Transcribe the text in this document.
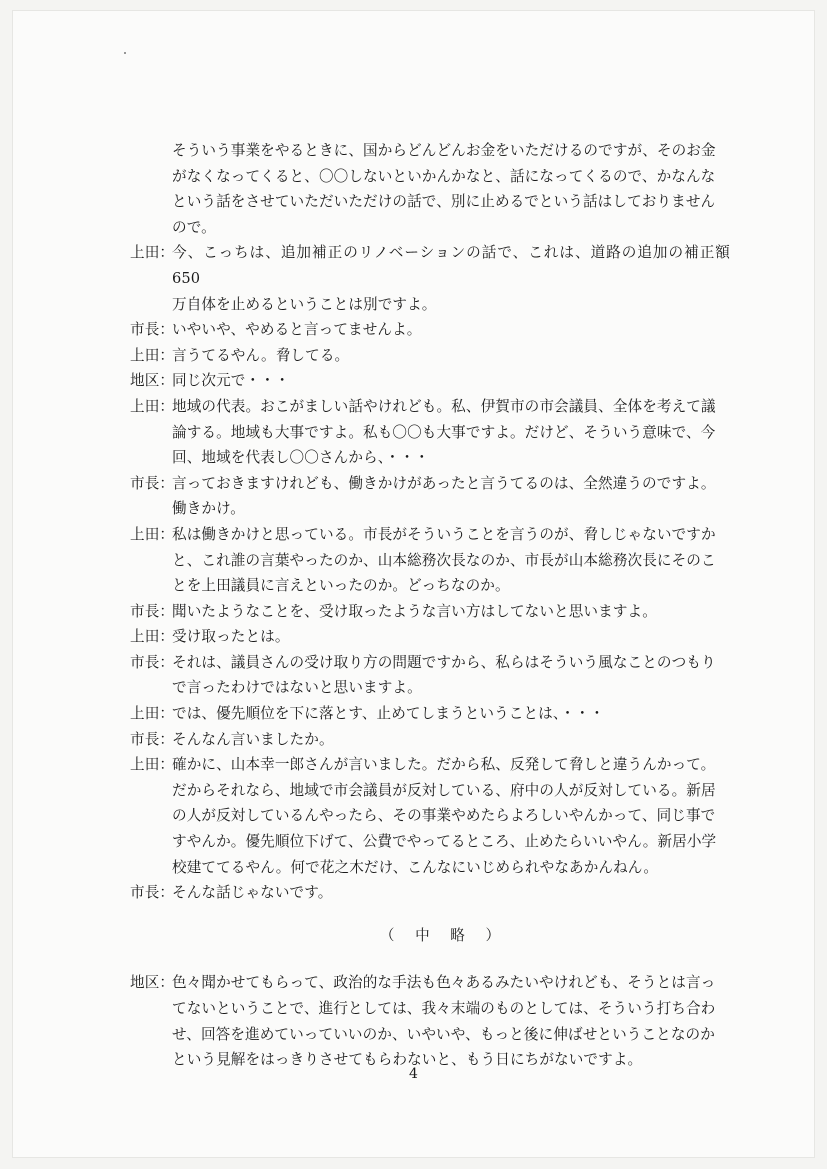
そういう事業をやるときに、国からどんどんお金をいただけるのですが、そのお金
がなくなってくると、〇〇しないといかんかなと、話になってくるので、かなんな
という話をさせていただいただけの話で、別に止めるでという話はしておりません
ので。
上田：
今、こっちは、追加補正のリノベーションの話で、これは、道路の追加の補正額 650
万自体を止めるということは別ですよ。
市長：
いやいや、やめると言ってませんよ。
上田：
言うてるやん。脅してる。
地区：
同じ次元で・・・
上田：
地域の代表。おこがましい話やけれども。私、伊賀市の市会議員、全体を考えて議
論する。地域も大事ですよ。私も〇〇も大事ですよ。だけど、そういう意味で、今
回、地域を代表し〇〇さんから、・・・
市長：
言っておきますけれども、働きかけがあったと言うてるのは、全然違うのですよ。
働きかけ。
上田：
私は働きかけと思っている。市長がそういうことを言うのが、脅しじゃないですか
と、これ誰の言葉やったのか、山本総務次長なのか、市長が山本総務次長にそのこ
とを上田議員に言えといったのか。どっちなのか。
市長：
聞いたようなことを、受け取ったような言い方はしてないと思いますよ。
上田：
受け取ったとは。
市長：
それは、議員さんの受け取り方の問題ですから、私らはそういう風なことのつもり
で言ったわけではないと思いますよ。
上田：
では、優先順位を下に落とす、止めてしまうということは、・・・
市長：
そんなん言いましたか。
上田：
確かに、山本幸一郎さんが言いました。だから私、反発して脅しと違うんかって。
だからそれなら、地域で市会議員が反対している、府中の人が反対している。新居
の人が反対しているんやったら、その事業やめたらよろしいやんかって、同じ事で
すやんか。優先順位下げて、公費でやってるところ、止めたらいいやん。新居小学
校建ててるやん。何で花之木だけ、こんなにいじめられやなあかんねん。
市長：
そんな話じゃないです。
（ 中 略 ）
地区：
色々聞かせてもらって、政治的な手法も色々あるみたいやけれども、そうとは言っ
てないということで、進行としては、我々末端のものとしては、そういう打ち合わ
せ、回答を進めていっていいのか、いやいや、もっと後に伸ばせということなのか
という見解をはっきりさせてもらわないと、もう日にちがないですよ。
4
